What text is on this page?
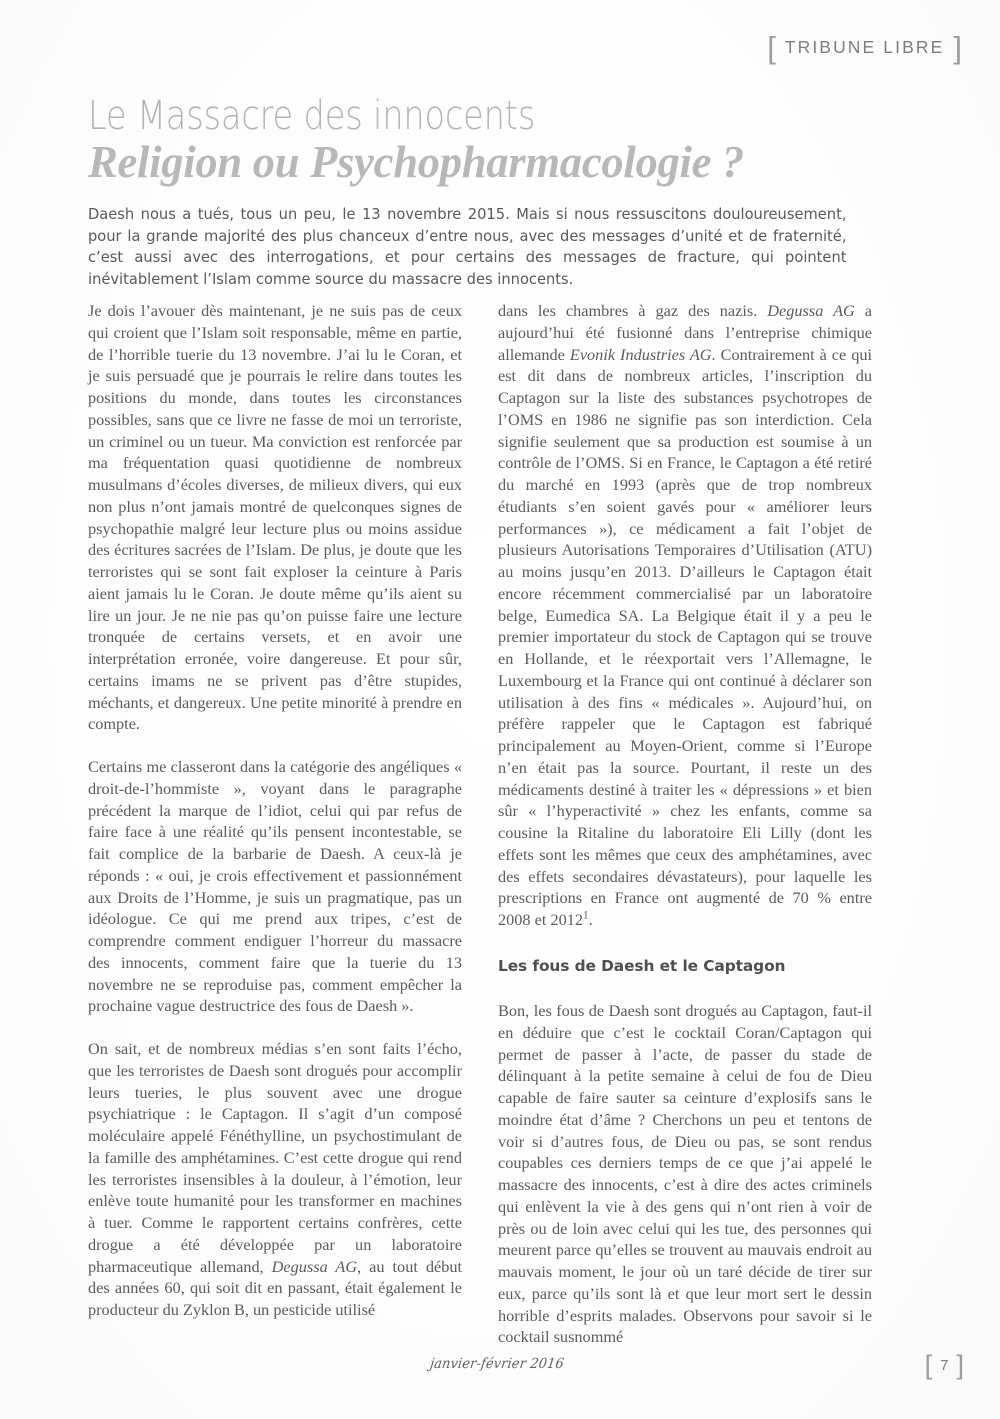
[ TRIBUNE LIBRE ]
Le Massacre des innocents
Religion ou Psychopharmacologie ?
Daesh nous a tués, tous un peu, le 13 novembre 2015. Mais si nous ressuscitons douloureusement, pour la grande majorité des plus chanceux d’entre nous, avec des messages d’unité et de fraternité, c’est aussi avec des interrogations, et pour certains des messages de fracture, qui pointent inévitablement l’Islam comme source du massacre des innocents.

Je dois l’avouer dès maintenant, je ne suis pas de ceux qui croient que l’Islam soit responsable, même en partie, de l’horrible tuerie du 13 novembre. J’ai lu le Coran, et je suis persuadé que je pourrais le relire dans toutes les positions du monde, dans toutes les circonstances possibles, sans que ce livre ne fasse de moi un terroriste, un criminel ou un tueur. Ma conviction est renforcée par ma fréquentation quasi quotidienne de nombreux musulmans d’écoles diverses, de milieux divers, qui eux non plus n’ont jamais montré de quelconques signes de psychopathie malgré leur lecture plus ou moins assidue des écritures sacrées de l’Islam. De plus, je doute que les terroristes qui se sont fait exploser la ceinture à Paris aient jamais lu le Coran. Je doute même qu’ils aient su lire un jour. Je ne nie pas qu’on puisse faire une lecture tronquée de certains versets, et en avoir une interprétation erronée, voire dangereuse. Et pour sûr, certains imams ne se privent pas d’être stupides, méchants, et dangereux. Une petite minorité à prendre en compte.

Certains me classeront dans la catégorie des angéliques « droit-de-l’hommiste », voyant dans le paragraphe précédent la marque de l’idiot, celui qui par refus de faire face à une réalité qu’ils pensent incontestable, se fait complice de la barbarie de Daesh. A ceux-là je réponds : « oui, je crois effectivement et passionnément aux Droits de l’Homme, je suis un pragmatique, pas un idéologue. Ce qui me prend aux tripes, c’est de comprendre comment endiguer l’horreur du massacre des innocents, comment faire que la tuerie du 13 novembre ne se reproduise pas, comment empêcher la prochaine vague destructrice des fous de Daesh ».

On sait, et de nombreux médias s’en sont faits l’écho, que les terroristes de Daesh sont drogués pour accomplir leurs tueries, le plus souvent avec une drogue psychiatrique : le Captagon. Il s’agit d’un composé moléculaire appelé Fénéthylline, un psychostimulant de la famille des amphétamines. C’est cette drogue qui rend les terroristes insensibles à la douleur, à l’émotion, leur enlève toute humanité pour les transformer en machines à tuer. Comme le rapportent certains confrères, cette drogue a été développée par un laboratoire pharmaceutique allemand, Degussa AG, au tout début des années 60, qui soit dit en passant, était également le producteur du Zyklon B, un pesticide utilisé

dans les chambres à gaz des nazis. Degussa AG a aujourd’hui été fusionné dans l’entreprise chimique allemande Evonik Industries AG. Contrairement à ce qui est dit dans de nombreux articles, l’inscription du Captagon sur la liste des substances psychotropes de l’OMS en 1986 ne signifie pas son interdiction. Cela signifie seulement que sa production est soumise à un contrôle de l’OMS. Si en France, le Captagon a été retiré du marché en 1993 (après que de trop nombreux étudiants s’en soient gavés pour « améliorer leurs performances »), ce médicament a fait l’objet de plusieurs Autorisations Temporaires d’Utilisation (ATU) au moins jusqu’en 2013. D’ailleurs le Captagon était encore récemment commercialisé par un laboratoire belge, Eumedica SA. La Belgique était il y a peu le premier importateur du stock de Captagon qui se trouve en Hollande, et le réexportait vers l’Allemagne, le Luxembourg et la France qui ont continué à déclarer son utilisation à des fins « médicales ». Aujourd’hui, on préfère rappeler que le Captagon est fabriqué principalement au Moyen-Orient, comme si l’Europe n’en était pas la source. Pourtant, il reste un des médicaments destiné à traiter les « dépressions » et bien sûr « l’hyperactivité » chez les enfants, comme sa cousine la Ritaline du laboratoire Eli Lilly (dont les effets sont les mêmes que ceux des amphétamines, avec des effets secondaires dévastateurs), pour laquelle les prescriptions en France ont augmenté de 70 % entre 2008 et 2012$^1$.

Les fous de Daesh et le Captagon

Bon, les fous de Daesh sont drogués au Captagon, faut-il en déduire que c’est le cocktail Coran/Captagon qui permet de passer à l’acte, de passer du stade de délinquant à la petite semaine à celui de fou de Dieu capable de faire sauter sa ceinture d’explosifs sans le moindre état d’âme ? Cherchons un peu et tentons de voir si d’autres fous, de Dieu ou pas, se sont rendus coupables ces derniers temps de ce que j’ai appelé le massacre des innocents, c’est à dire des actes criminels qui enlèvent la vie à des gens qui n’ont rien à voir de près ou de loin avec celui qui les tue, des personnes qui meurent parce qu’elles se trouvent au mauvais endroit au mauvais moment, le jour où un taré décide de tirer sur eux, parce qu’ils sont là et que leur mort sert le dessin horrible d’esprits malades. Observons pour savoir si le cocktail susnommé

janvier-février 2016	[ 7 ]
